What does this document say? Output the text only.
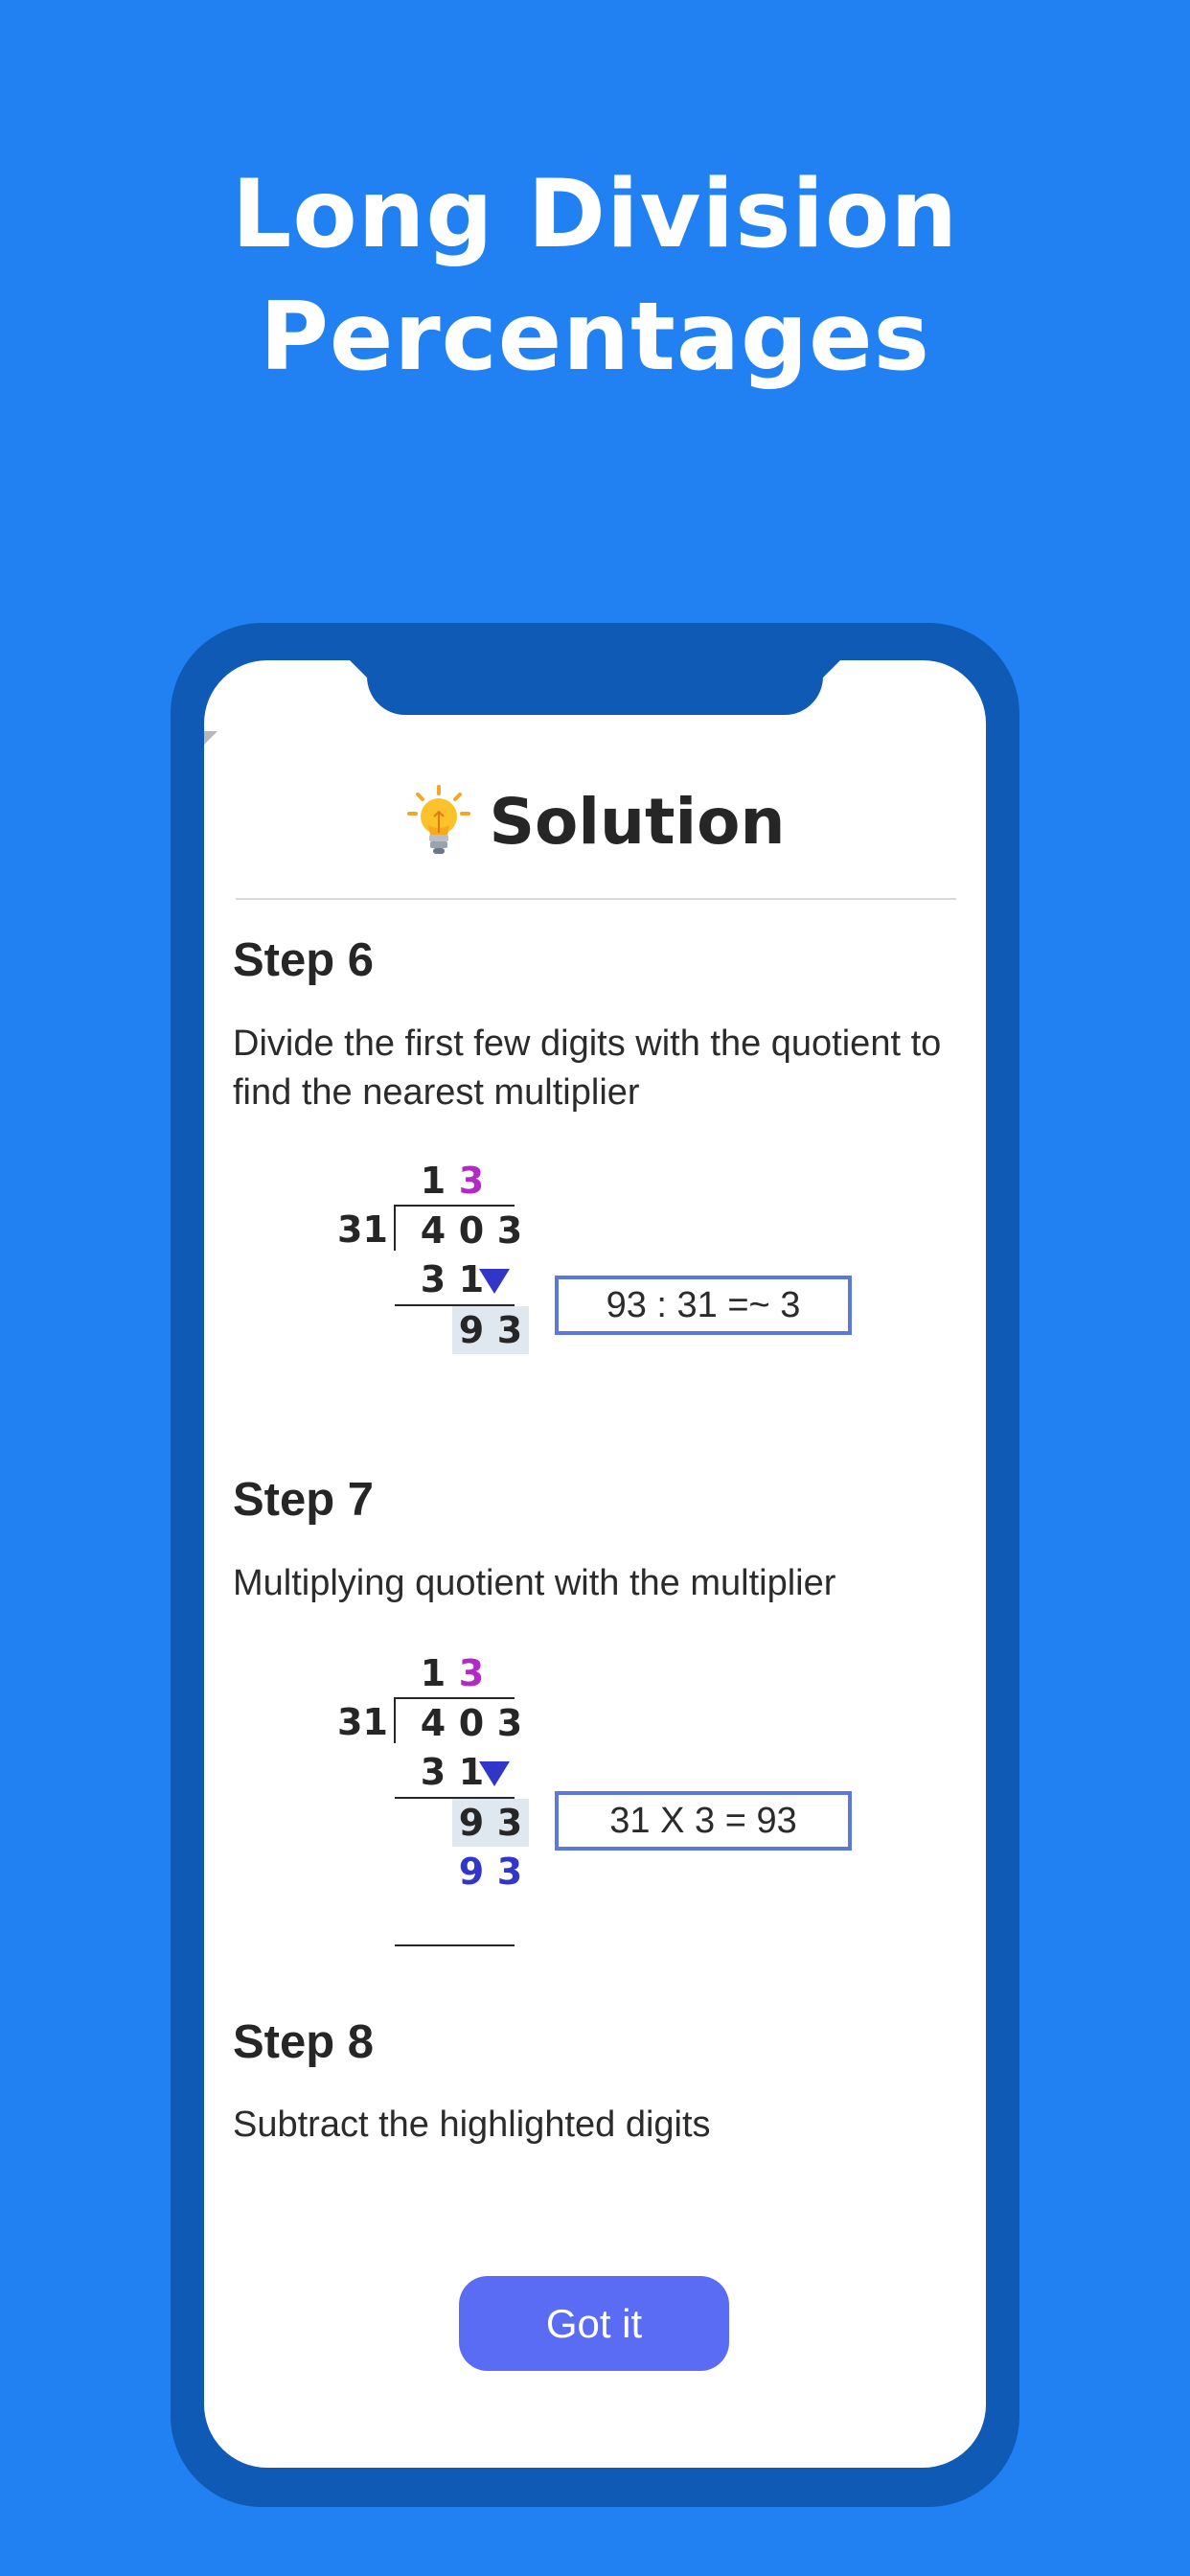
Long Division
Percentages
Solution
Step 6
Divide the first few digits with the quotient to find the nearest multiplier
31
1 3
4 0 3
3 1
9 3
93 : 31 =~ 3
Step 7
Multiplying quotient with the multiplier
31
1 3
4 0 3
3 1
9 3
9 3
31 X 3 = 93
Step 8
Subtract the highlighted digits
Got it
